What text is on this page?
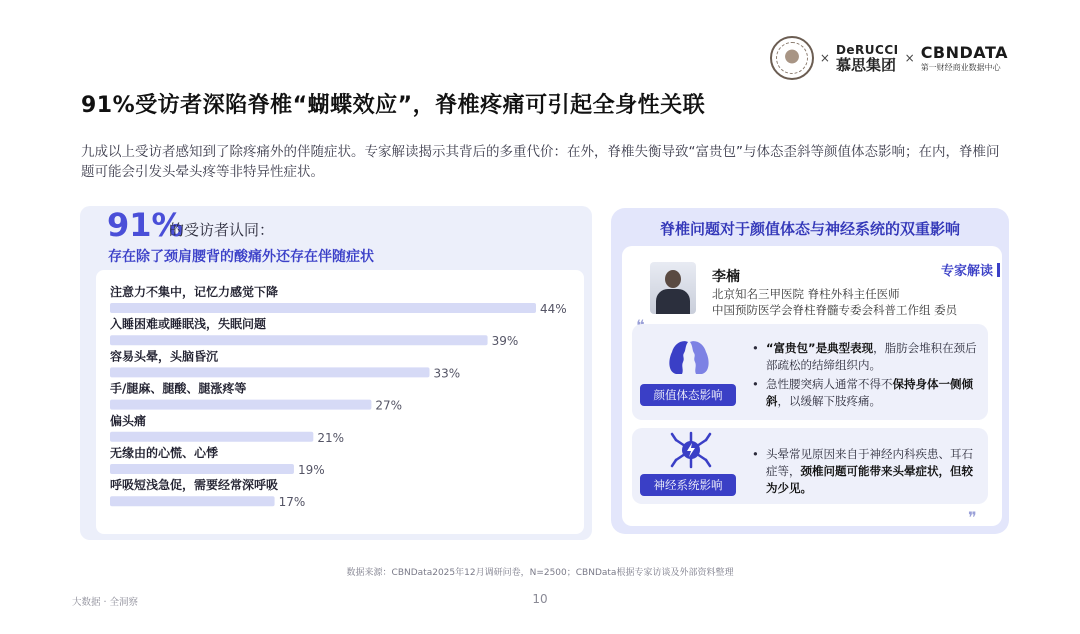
×
DeRUCCI
慕思集团 × CBNDATA
第一财经商业数据中心
91%受访者深陷脊椎“蝴蝶效应”，脊椎疼痛可引起全身性关联
九成以上受访者感知到了除疼痛外的伴随症状。专家解读揭示其背后的多重代价：在外，脊椎失衡导致“富贵包”与体态歪斜等颜值体态影响；在内，脊椎问题可能会引发头晕头疼等非特异性症状。
91%
的受访者认同：
存在除了颈肩腰背的酸痛外还存在伴随症状
注意力不集中，记忆力感觉下降
44%
入睡困难或睡眠浅，失眠问题
39%
容易头晕，头脑昏沉
33%
手/腿麻、腿酸、腿涨疼等
27%
偏头痛
21%
无缘由的心慌、心悸
19%
呼吸短浅急促，需要经常深呼吸
17%
脊椎问题对于颜值体态与神经系统的双重影响
李楠
北京知名三甲医院 脊柱外科主任医师
中国预防医学会脊柱脊髓专委会科普工作组 委员
专家解读
❞
颜值体态影响
• “富贵包”是典型表现，脂肪会堆积在颈后部疏松的结缔组织内。
• 急性腰突病人通常不得不保持身体一侧倾斜，以缓解下肢疼痛。
神经系统影响
• 头晕常见原因来自于神经内科疾患、耳石症等，颈椎问题可能带来头晕症状，但较为少见。
数据来源：CBNData2025年12月调研问卷，N=2500；CBNData根据专家访谈及外部资料整理
大数据 · 全洞察	10
